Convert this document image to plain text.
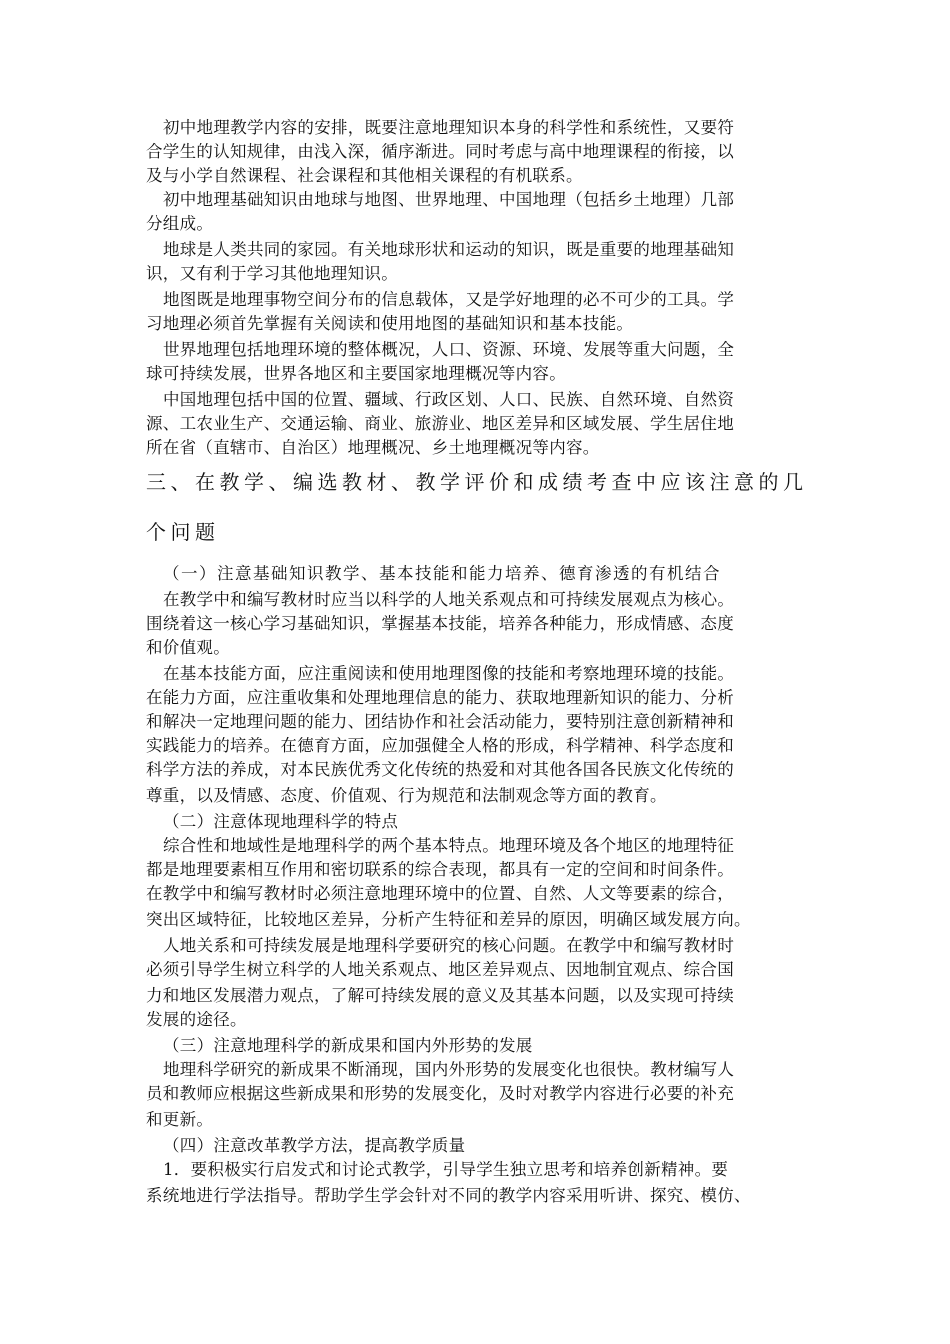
初中地理教学内容的安排，既要注意地理知识本身的科学性和系统性，又要符
合学生的认知规律，由浅入深，循序渐进。同时考虑与高中地理课程的衔接，以
及与小学自然课程、社会课程和其他相关课程的有机联系。
初中地理基础知识由地球与地图、世界地理、中国地理（包括乡土地理）几部
分组成。
地球是人类共同的家园。有关地球形状和运动的知识，既是重要的地理基础知
识，又有利于学习其他地理知识。
地图既是地理事物空间分布的信息载体，又是学好地理的必不可少的工具。学
习地理必须首先掌握有关阅读和使用地图的基础知识和基本技能。
世界地理包括地理环境的整体概况，人口、资源、环境、发展等重大问题，全
球可持续发展，世界各地区和主要国家地理概况等内容。
中国地理包括中国的位置、疆域、行政区划、人口、民族、自然环境、自然资
源、工农业生产、交通运输、商业、旅游业、地区差异和区域发展、学生居住地
所在省（直辖市、自治区）地理概况、乡土地理概况等内容。
三、在教学、编选教材、教学评价和成绩考查中应该注意的几
个问题
（一）注意基础知识教学、基本技能和能力培养、德育渗透的有机结合
在教学中和编写教材时应当以科学的人地关系观点和可持续发展观点为核心。
围绕着这一核心学习基础知识，掌握基本技能，培养各种能力，形成情感、态度
和价值观。
在基本技能方面，应注重阅读和使用地理图像的技能和考察地理环境的技能。
在能力方面，应注重收集和处理地理信息的能力、获取地理新知识的能力、分析
和解决一定地理问题的能力、团结协作和社会活动能力，要特别注意创新精神和
实践能力的培养。在德育方面，应加强健全人格的形成，科学精神、科学态度和
科学方法的养成，对本民族优秀文化传统的热爱和对其他各国各民族文化传统的
尊重，以及情感、态度、价值观、行为规范和法制观念等方面的教育。
（二）注意体现地理科学的特点
综合性和地域性是地理科学的两个基本特点。地理环境及各个地区的地理特征
都是地理要素相互作用和密切联系的综合表现，都具有一定的空间和时间条件。
在教学中和编写教材时必须注意地理环境中的位置、自然、人文等要素的综合，
突出区域特征，比较地区差异，分析产生特征和差异的原因，明确区域发展方向。
人地关系和可持续发展是地理科学要研究的核心问题。在教学中和编写教材时
必须引导学生树立科学的人地关系观点、地区差异观点、因地制宜观点、综合国
力和地区发展潜力观点，了解可持续发展的意义及其基本问题，以及实现可持续
发展的途径。
（三）注意地理科学的新成果和国内外形势的发展
地理科学研究的新成果不断涌现，国内外形势的发展变化也很快。教材编写人
员和教师应根据这些新成果和形势的发展变化，及时对教学内容进行必要的补充
和更新。
（四）注意改革教学方法，提高教学质量
1．要积极实行启发式和讨论式教学，引导学生独立思考和培养创新精神。要
系统地进行学法指导。帮助学生学会针对不同的教学内容采用听讲、探究、模仿、
